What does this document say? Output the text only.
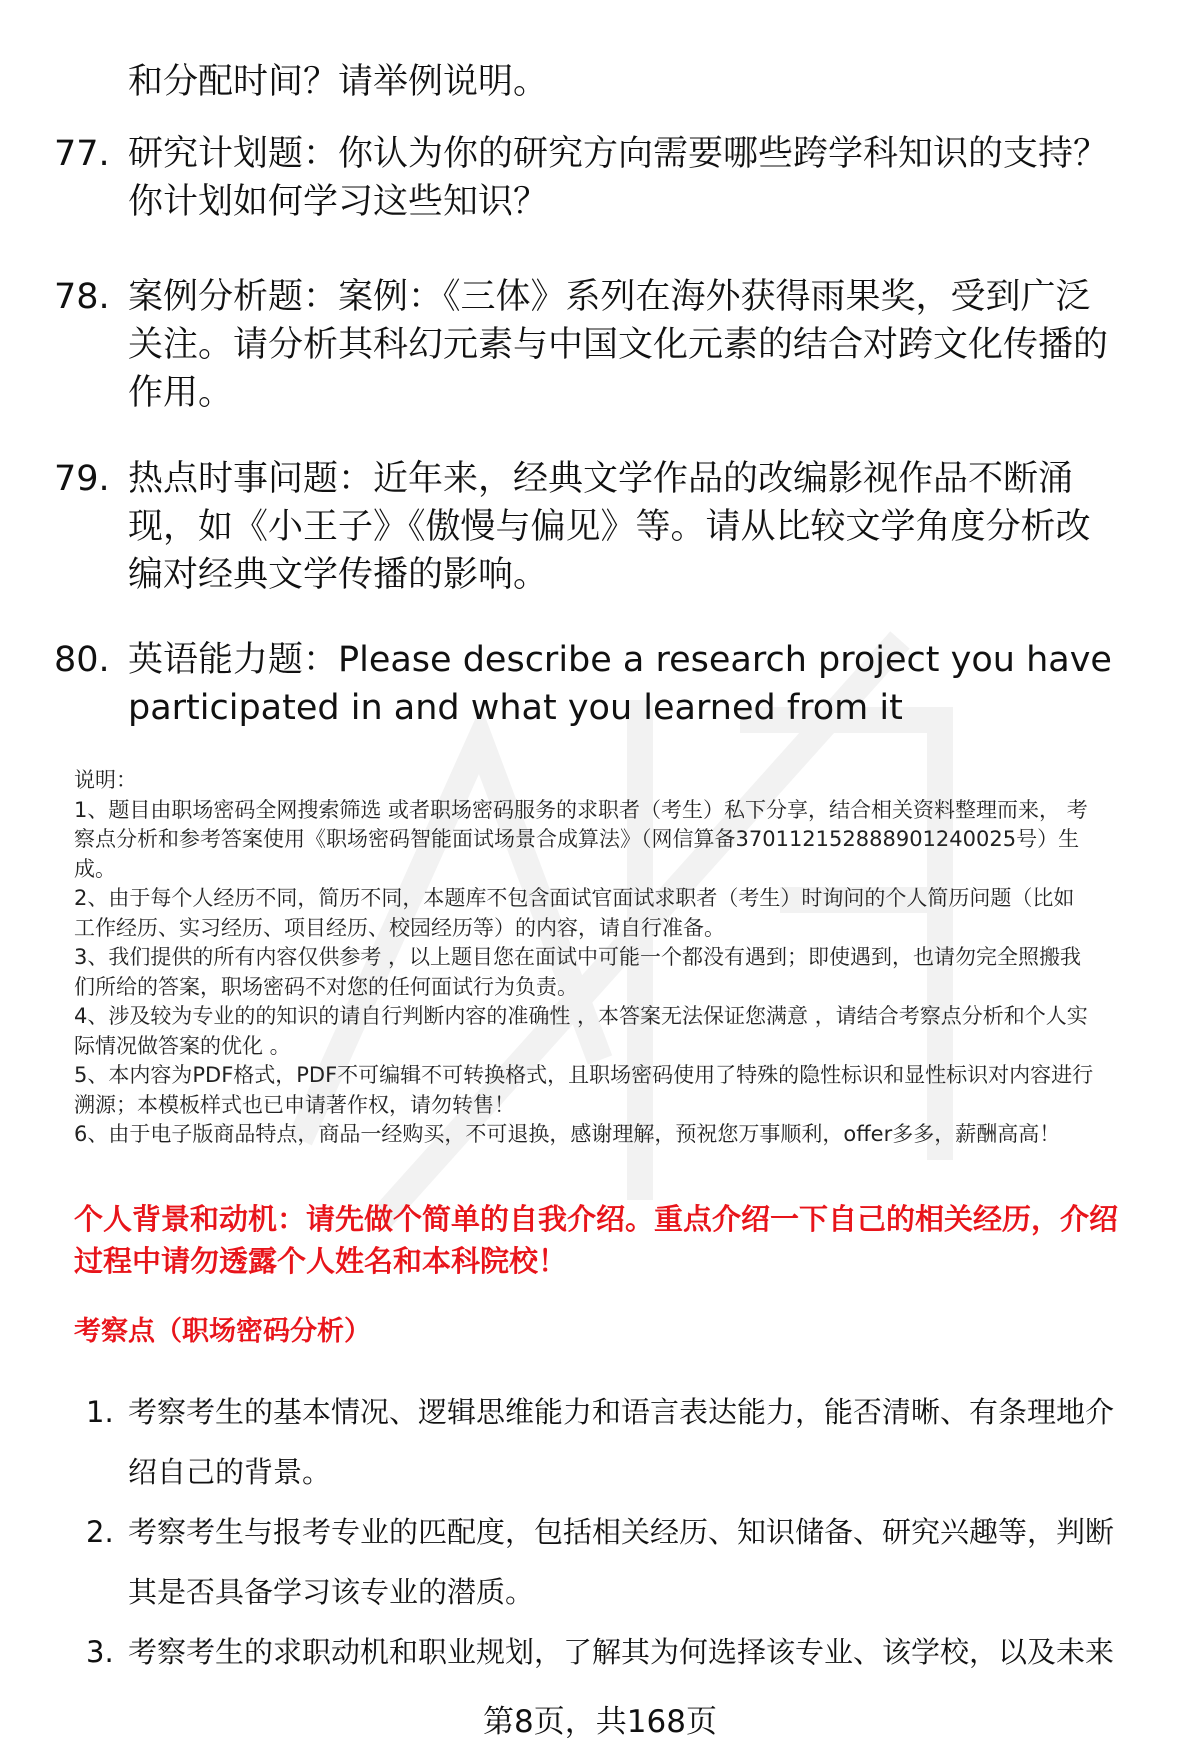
和分配时间？请举例说明。
77. 研究计划题：你认为你的研究方向需要哪些跨学科知识的支持？
你计划如何学习这些知识？
78. 案例分析题：案例：《三体》系列在海外获得雨果奖，受到广泛
关注。请分析其科幻元素与中国文化元素的结合对跨文化传播的
作用。
79. 热点时事问题：近年来，经典文学作品的改编影视作品不断涌
现，如《小王子》《傲慢与偏见》等。请从比较文学角度分析改
编对经典文学传播的影响。
80. 英语能力题：Please describe a research project you have
participated in and what you learned from it
说明：
1、题目由职场密码全网搜索筛选 或者职场密码服务的求职者（考生）私下分享，结合相关资料整理而来， 考
察点分析和参考答案使用《职场密码智能面试场景合成算法》（网信算备370112152888901240025号）生
成。
2、由于每个人经历不同，简历不同，本题库不包含面试官面试求职者（考生）时询问的个人简历问题（比如
工作经历、实习经历、项目经历、校园经历等）的内容，请自行准备。
3、我们提供的所有内容仅供参考 ，以上题目您在面试中可能一个都没有遇到；即使遇到，也请勿完全照搬我
们所给的答案，职场密码不对您的任何面试行为负责。
4、涉及较为专业的的知识的请自行判断内容的准确性 ，本答案无法保证您满意 ，请结合考察点分析和个人实
际情况做答案的优化 。
5、本内容为PDF格式，PDF不可编辑不可转换格式，且职场密码使用了特殊的隐性标识和显性标识对内容进行
溯源；本模板样式也已申请著作权，请勿转售！
6、由于电子版商品特点，商品一经购买，不可退换，感谢理解，预祝您万事顺利，offer多多，薪酬高高！
个人背景和动机：请先做个简单的自我介绍。重点介绍一下自己的相关经历，介绍
过程中请勿透露个人姓名和本科院校！
考察点（职场密码分析）
1. 考察考生的基本情况、逻辑思维能力和语言表达能力，能否清晰、有条理地介
绍自己的背景。
2. 考察考生与报考专业的匹配度，包括相关经历、知识储备、研究兴趣等，判断
其是否具备学习该专业的潜质。
3. 考察考生的求职动机和职业规划，了解其为何选择该专业、该学校，以及未来
第8页，共168页
